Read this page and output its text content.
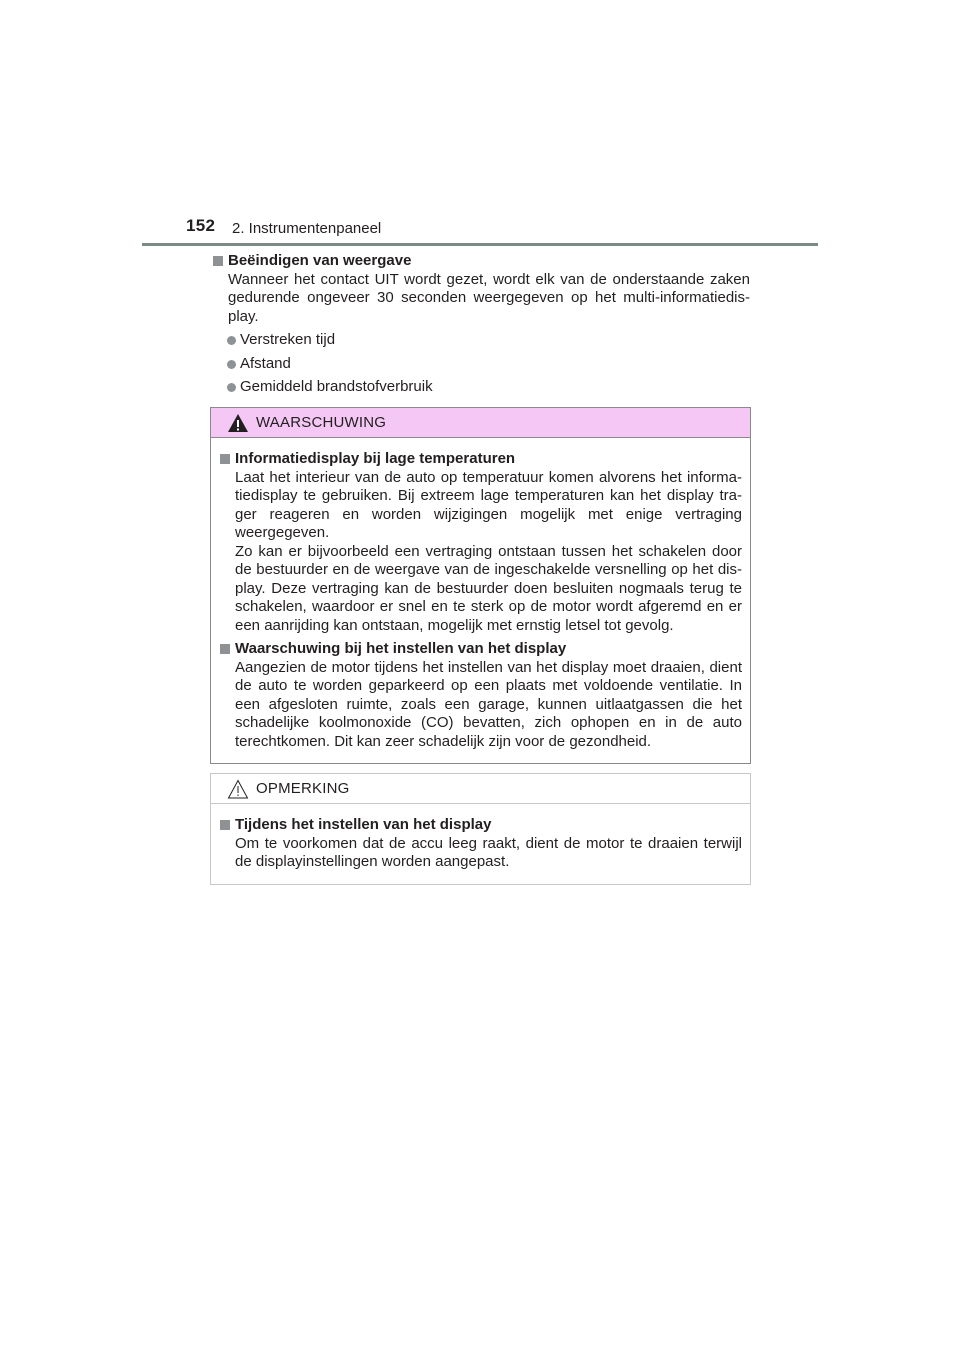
152 2. Instrumentenpaneel
Beëindigen van weergave
Wanneer het contact UIT wordt gezet, wordt elk van de onderstaande zaken gedurende ongeveer 30 seconden weergegeven op het multi-informatiedis-play.
Verstreken tijd
Afstand
Gemiddeld brandstofverbruik
WAARSCHUWING
Informatiedisplay bij lage temperaturen
Laat het interieur van de auto op temperatuur komen alvorens het informa-tiedisplay te gebruiken. Bij extreem lage temperaturen kan het display tra-ger reageren en worden wijzigingen mogelijk met enige vertraging weergegeven.
Zo kan er bijvoorbeeld een vertraging ontstaan tussen het schakelen door de bestuurder en de weergave van de ingeschakelde versnelling op het dis-play. Deze vertraging kan de bestuurder doen besluiten nogmaals terug te schakelen, waardoor er snel en te sterk op de motor wordt afgeremd en er een aanrijding kan ontstaan, mogelijk met ernstig letsel tot gevolg.
Waarschuwing bij het instellen van het display
Aangezien de motor tijdens het instellen van het display moet draaien, dient de auto te worden geparkeerd op een plaats met voldoende ventilatie. In een afgesloten ruimte, zoals een garage, kunnen uitlaatgassen die het schadelijke koolmonoxide (CO) bevatten, zich ophopen en in de auto terechtkomen. Dit kan zeer schadelijk zijn voor de gezondheid.
OPMERKING
Tijdens het instellen van het display
Om te voorkomen dat de accu leeg raakt, dient de motor te draaien terwijl de displayinstellingen worden aangepast.
